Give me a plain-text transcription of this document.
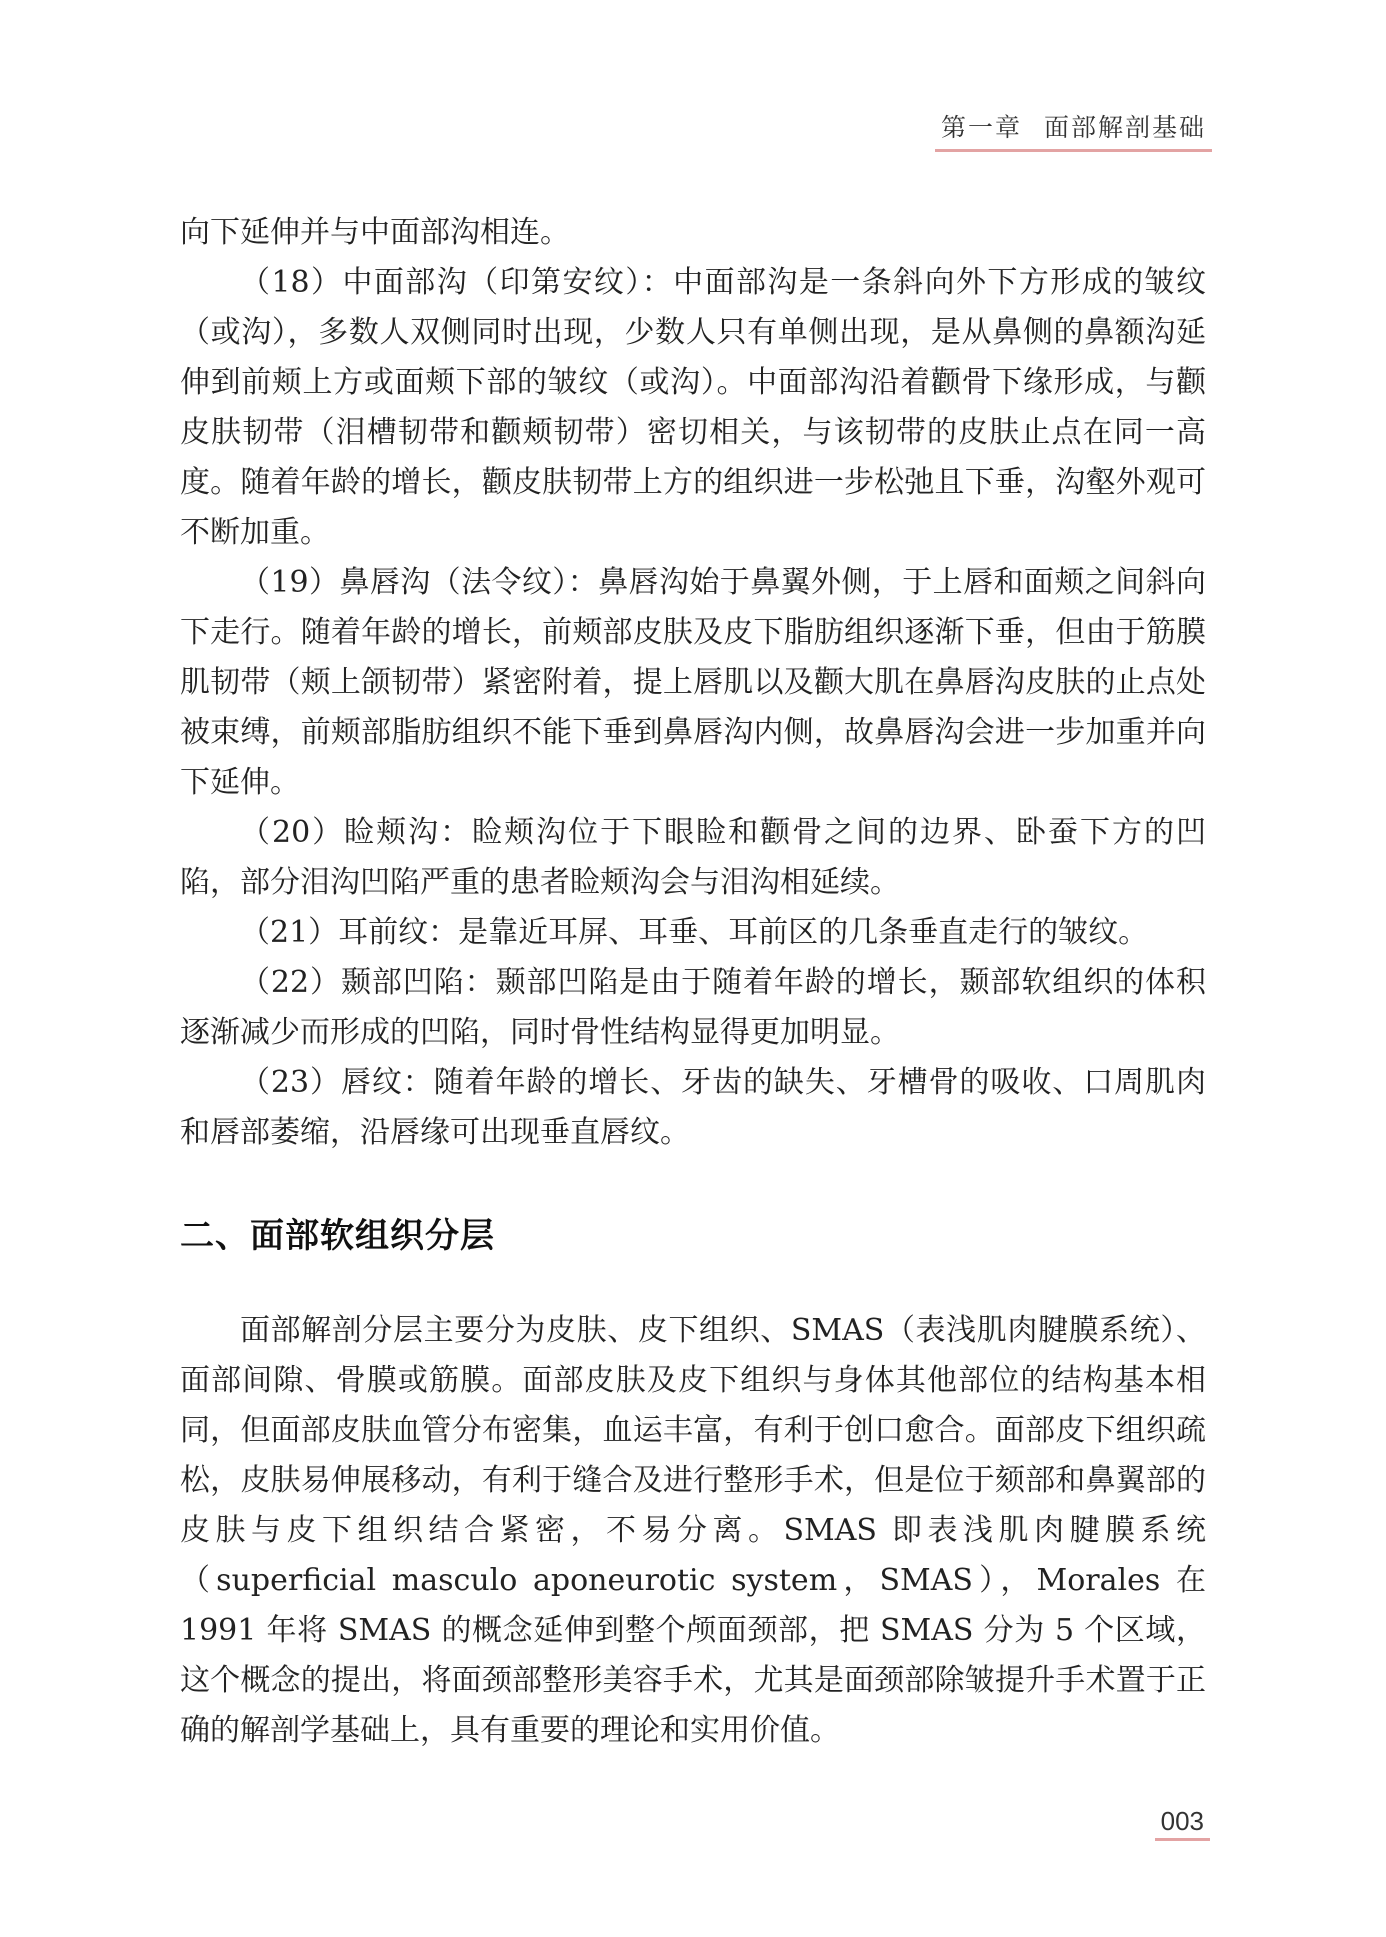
第一章 面部解剖基础

向下延伸并与中面部沟相连。

（18）中面部沟（印第安纹）：中面部沟是一条斜向外下方形成的皱纹（或沟），多数人双侧同时出现，少数人只有单侧出现，是从鼻侧的鼻额沟延伸到前颊上方或面颊下部的皱纹（或沟）。中面部沟沿着颧骨下缘形成，与颧皮肤韧带（泪槽韧带和颧颊韧带）密切相关，与该韧带的皮肤止点在同一高度。随着年龄的增长，颧皮肤韧带上方的组织进一步松弛且下垂，沟壑外观可不断加重。

（19）鼻唇沟（法令纹）：鼻唇沟始于鼻翼外侧，于上唇和面颊之间斜向下走行。随着年龄的增长，前颊部皮肤及皮下脂肪组织逐渐下垂，但由于筋膜肌韧带（颊上颌韧带）紧密附着，提上唇肌以及颧大肌在鼻唇沟皮肤的止点处被束缚，前颊部脂肪组织不能下垂到鼻唇沟内侧，故鼻唇沟会进一步加重并向下延伸。

（20）睑颊沟：睑颊沟位于下眼睑和颧骨之间的边界、卧蚕下方的凹陷，部分泪沟凹陷严重的患者睑颊沟会与泪沟相延续。

（21）耳前纹：是靠近耳屏、耳垂、耳前区的几条垂直走行的皱纹。

（22）颞部凹陷：颞部凹陷是由于随着年龄的增长，颞部软组织的体积逐渐减少而形成的凹陷，同时骨性结构显得更加明显。

（23）唇纹：随着年龄的增长、牙齿的缺失、牙槽骨的吸收、口周肌肉和唇部萎缩，沿唇缘可出现垂直唇纹。

二、面部软组织分层

面部解剖分层主要分为皮肤、皮下组织、SMAS（表浅肌肉腱膜系统）、面部间隙、骨膜或筋膜。面部皮肤及皮下组织与身体其他部位的结构基本相同，但面部皮肤血管分布密集，血运丰富，有利于创口愈合。面部皮下组织疏松，皮肤易伸展移动，有利于缝合及进行整形手术，但是位于颏部和鼻翼部的皮肤与皮下组织结合紧密，不易分离。SMAS 即表浅肌肉腱膜系统（superficial masculo aponeurotic system，SMAS），Morales 在 1991 年将 SMAS 的概念延伸到整个颅面颈部，把 SMAS 分为 5 个区域，这个概念的提出，将面颈部整形美容手术，尤其是面颈部除皱提升手术置于正确的解剖学基础上，具有重要的理论和实用价值。

003
